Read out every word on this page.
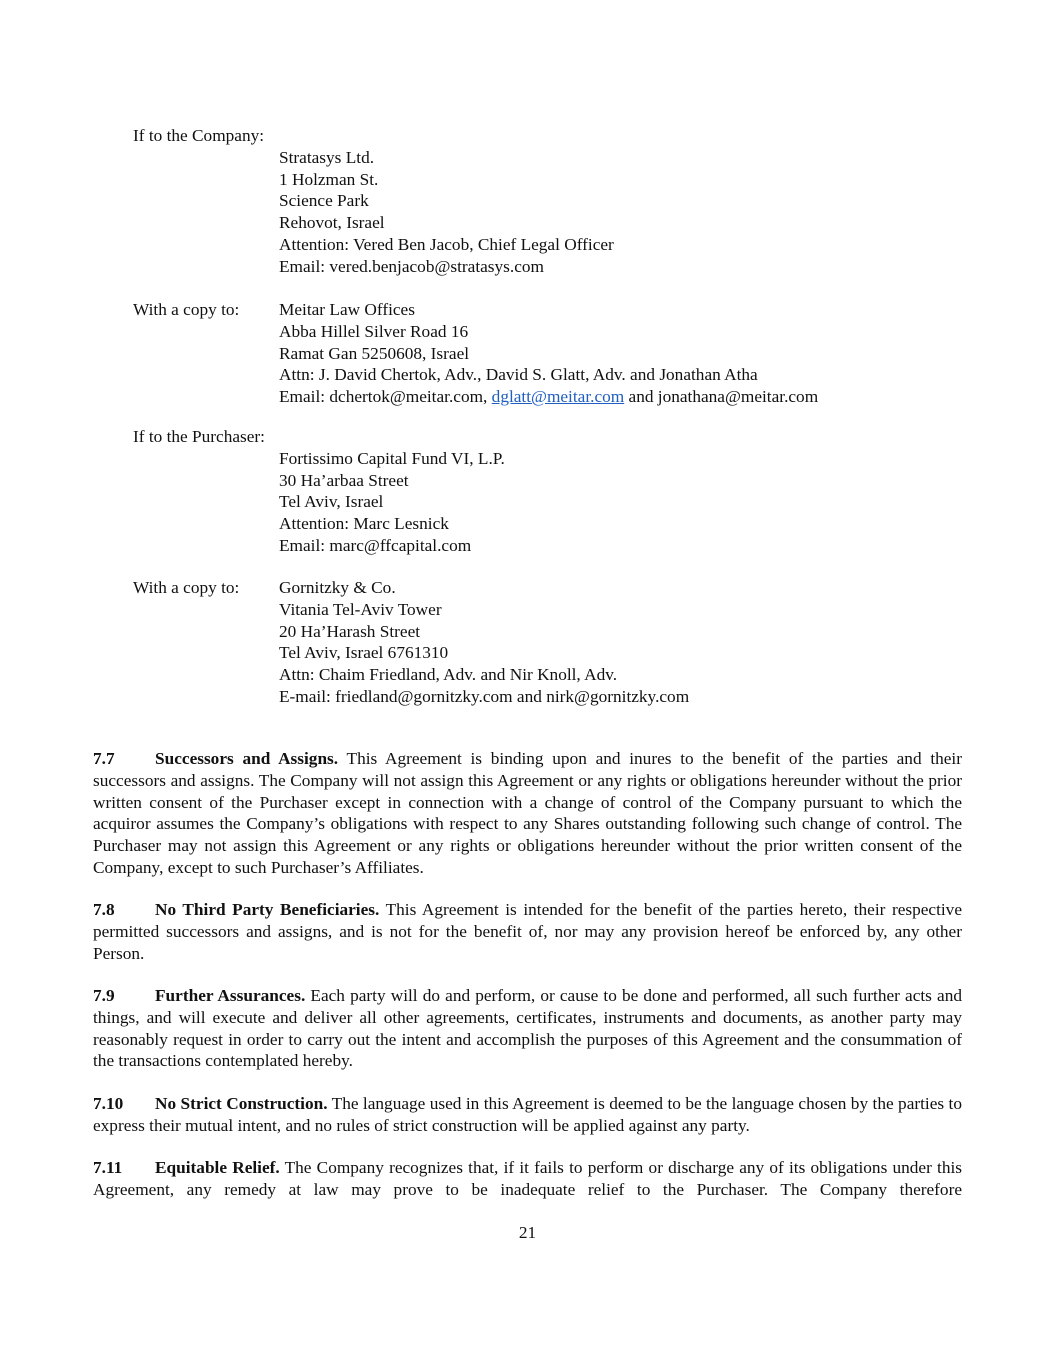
If to the Company:
Stratasys Ltd.
1 Holzman St.
Science Park
Rehovot, Israel
Attention: Vered Ben Jacob, Chief Legal Officer
Email: vered.benjacob@stratasys.com
With a copy to: Meitar Law Offices
Abba Hillel Silver Road 16
Ramat Gan 5250608, Israel
Attn: J. David Chertok, Adv., David S. Glatt, Adv. and Jonathan Atha
Email: dchertok@meitar.com, dglatt@meitar.com and jonathana@meitar.com
If to the Purchaser:
Fortissimo Capital Fund VI, L.P.
30 Ha’arbaa Street
Tel Aviv, Israel
Attention: Marc Lesnick
Email: marc@ffcapital.com
With a copy to: Gornitzky & Co.
Vitania Tel-Aviv Tower
20 Ha’Harash Street
Tel Aviv, Israel 6761310
Attn: Chaim Friedland, Adv. and Nir Knoll, Adv.
E-mail: friedland@gornitzky.com and nirk@gornitzky.com

7.7 Successors and Assigns. This Agreement is binding upon and inures to the benefit of the parties and their successors and assigns. The Company will not assign this Agreement or any rights or obligations hereunder without the prior written consent of the Purchaser except in connection with a change of control of the Company pursuant to which the acquiror assumes the Company’s obligations with respect to any Shares outstanding following such change of control. The Purchaser may not assign this Agreement or any rights or obligations hereunder without the prior written consent of the Company, except to such Purchaser’s Affiliates.

7.8 No Third Party Beneficiaries. This Agreement is intended for the benefit of the parties hereto, their respective permitted successors and assigns, and is not for the benefit of, nor may any provision hereof be enforced by, any other Person.

7.9 Further Assurances. Each party will do and perform, or cause to be done and performed, all such further acts and things, and will execute and deliver all other agreements, certificates, instruments and documents, as another party may reasonably request in order to carry out the intent and accomplish the purposes of this Agreement and the consummation of the transactions contemplated hereby.

7.10 No Strict Construction. The language used in this Agreement is deemed to be the language chosen by the parties to express their mutual intent, and no rules of strict construction will be applied against any party.

7.11 Equitable Relief. The Company recognizes that, if it fails to perform or discharge any of its obligations under this Agreement, any remedy at law may prove to be inadequate relief to the Purchaser. The Company therefore

21
